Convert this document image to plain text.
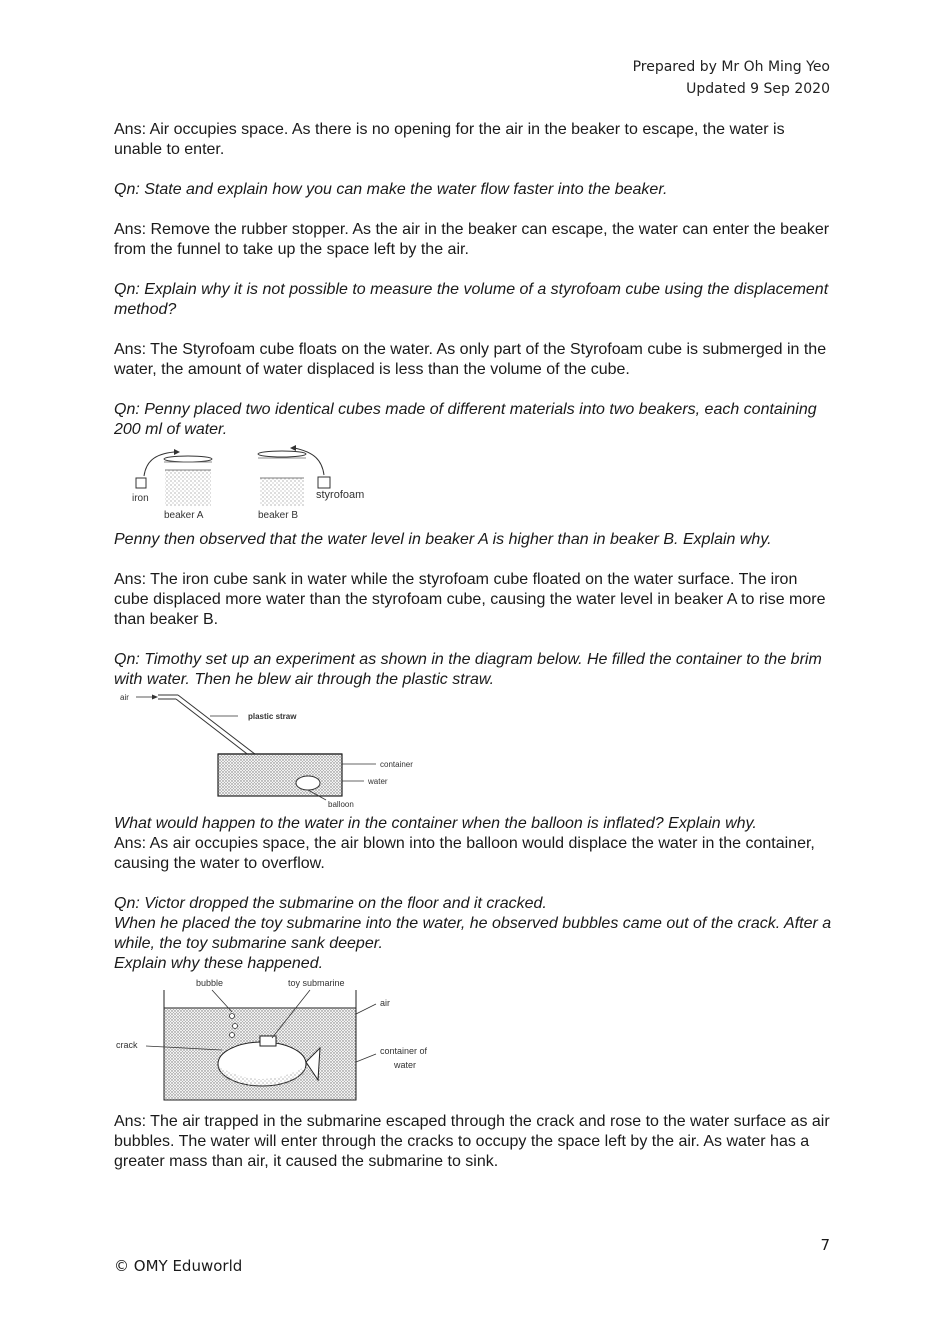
Prepared by Mr Oh Ming Yeo
Updated 9 Sep 2020

Ans: Air occupies space. As there is no opening for the air in the beaker to escape, the water is unable to enter.

Qn: State and explain how you can make the water flow faster into the beaker.

Ans: Remove the rubber stopper. As the air in the beaker can escape, the water can enter the beaker from the funnel to take up the space left by the air.

Qn: Explain why it is not possible to measure the volume of a styrofoam cube using the displacement method?

Ans: The Styrofoam cube floats on the water. As only part of the Styrofoam cube is submerged in the water, the amount of water displaced is less than the volume of the cube.

Qn: Penny placed two identical cubes made of different materials into two beakers, each containing 200 ml of water.

iron
beaker A
styrofoam
beaker B

Penny then observed that the water level in beaker A is higher than in beaker B. Explain why.

Ans: The iron cube sank in water while the styrofoam cube floated on the water surface. The iron cube displaced more water than the styrofoam cube, causing the water level in beaker A to rise more than beaker B.

Qn: Timothy set up an experiment as shown in the diagram below. He filled the container to the brim with water. Then he blew air through the plastic straw.

air
plastic straw
container
water
balloon

What would happen to the water in the container when the balloon is inflated? Explain why.

Ans: As air occupies space, the air blown into the balloon would displace the water in the container, causing the water to overflow.

Qn: Victor dropped the submarine on the floor and it cracked.

When he placed the toy submarine into the water, he observed bubbles came out of the crack. After a while, the toy submarine sank deeper.

Explain why these happened.

bubble	toy submarine
air
crack
container of
water

Ans: The air trapped in the submarine escaped through the crack and rose to the water surface as air bubbles. The water will enter through the cracks to occupy the space left by the air. As water has a greater mass than air, it caused the submarine to sink.

7
© OMY Eduworld
